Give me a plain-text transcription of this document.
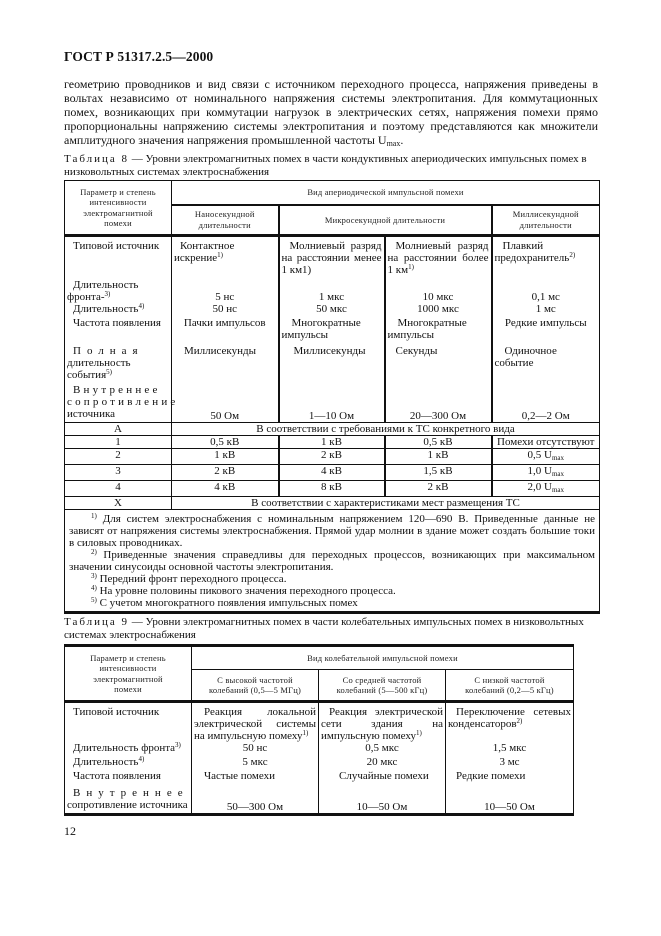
ГОСТ Р 51317.2.5—2000
геометрию проводников и вид связи с источником переходного процесса, напряжения приведены в вольтах независимо от номинального напряжения системы электропитания. Для коммутационных помех, возникающих при коммутации нагрузок в электрических сетях, напряжения помехи прямо пропорциональны напряжению системы электропитания и поэтому представляются как множители амплитудного значения напряжения промышленной частоты $U_{max}$.
Таблица 8 — Уровни электромагнитных помех в части кондуктивных апериодических импульсных помех в низковольтных системах электроснабжения
Параметр и степень интенсивности электромагнитной помехи	Вид апериодической импульсной помехи			
	Наносекундной длительности	Микросекундной длительности		Миллисекундной длительности
Типовой источник	Контактное искрение$^{1)}$	Молниевый разряд на расстоянии менее 1 км1)	Молниевый разряд на расстоянии более 1 $км^{1)}$	Плавкий предохранитель$^{2)}$
Длительность фронта-$^{3)}$	5 нс	1 мкс	10 мкс	0,1 мс
Длительность$^{4)}$	50 нс	50 мкс	1000 мкс	1 мс
Частота появления	Пачки импульсов	Многократные импульсы	Многократные импульсы	Редкие импульсы

Полная
длительность события$^{5)}$	Миллисекунды	Миллисекунды	Секунды	Одиночное событие

Внутреннее
сопротивление
источника	50 Ом	1—10 Ом	20—300 Ом	0,2—2 Ом
А	В соответствии с требованиями к ТС конкретного вида			
1	0,5 кВ	1 кВ	0,5 кВ	Помехи отсутствуют
2	1 кВ	2 кВ	1 кВ	0,5 Umax
3	2 кВ	4 кВ	1,5 кВ	1,0 Umax
4	4 кВ	8 кВ	2 кВ	2,0 Umax
Х	В соответствии с характеристиками мест размещения ТС			

$^{1)}$ Для систем электроснабжения с номинальным напряжением 120—690 В. Приведенные данные не зависят от напряжения системы электроснабжения. Прямой удар молнии в здание может создать большие токи в силовых проводниках.

$^{2)}$ Приведенные значения справедливы для переходных процессов, возникающих при максимальном значении синусоиды основной частоты электропитания.

$^{3)}$ Передний фронт переходного процесса.

$^{4)}$ На уровне половины пикового значения переходного процесса.

$^{5)}$ С учетом многократного появления импульсных помех				

Таблица 9 — Уровни электромагнитных помех в части колебательных импульсных помех в низковольтных системах электроснабжения
Параметр и степень интенсивности электромагнитной помехи	Вид колебательной импульсной помехи		
	С высокой частотой колебаний (0,5—5 МГц)	Со средней частотой колебаний (5—500 кГц)	С низкой частотой колебаний (0,2—5 кГц)
Типовой источник	Реакция локальной электрической системы на импульсную помеху$^{1)}$	Реакция электрической сети здания на импульсную помеху$^{1)}$	Переключение сетевых конденсаторов$^{2)}$
Длительность фронта$^{3)}$	50 нс	0,5 мкс	1,5 мкс
Длительность$^{4)}$	5 мкс	20 мкс	3 мс
Частота появления	Частые помехи	Случайные помехи	Редкие помехи

Внутреннее
сопротивление источника	50—300 Ом	10—50 Ом	10—50 Ом
12
